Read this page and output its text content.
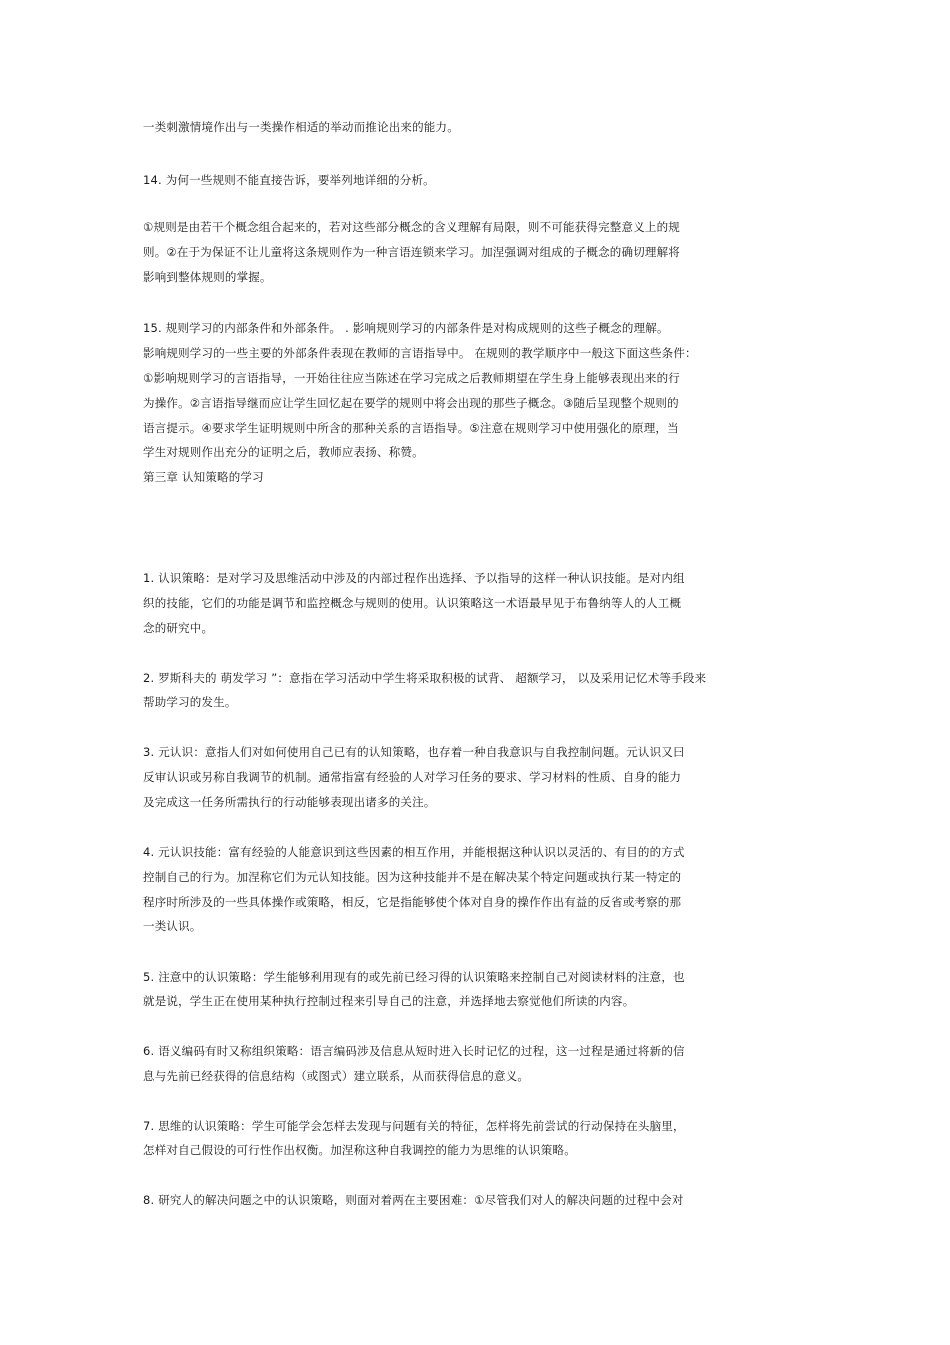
一类刺激情境作出与一类操作相适的举动而推论出来的能力。
14. 为何一些规则不能直接告诉，要举列地详细的分析。
①规则是由若干个概念组合起来的，若对这些部分概念的含义理解有局限，则不可能获得完整意义上的规
则。②在于为保证不让儿童将这条规则作为一种言语连锁来学习。加涅强调对组成的子概念的确切理解将
影响到整体规则的掌握。
15. 规则学习的内部条件和外部条件。 . 影响规则学习的内部条件是对构成规则的这些子概念的理解。
影响规则学习的一些主要的外部条件表现在教师的言语指导中。 在规则的教学顺序中一般这下面这些条件：
①影响规则学习的言语指导，一开始往往应当陈述在学习完成之后教师期望在学生身上能够表现出来的行
为操作。②言语指导继而应让学生回忆起在要学的规则中将会出现的那些子概念。③随后呈现整个规则的
语言提示。④要求学生证明规则中所含的那种关系的言语指导。⑤注意在规则学习中使用强化的原理，当
学生对规则作出充分的证明之后，教师应表扬、称赞。
第三章 认知策略的学习
1. 认识策略：是对学习及思维活动中涉及的内部过程作出选择、予以指导的这样一种认识技能。是对内组
织的技能，它们的功能是调节和监控概念与规则的使用。认识策略这一术语最早见于布鲁纳等人的人工概
念的研究中。
2. 罗斯科夫的 萌发学习 ”：意指在学习活动中学生将采取积极的试背、 超额学习， 以及采用记忆术等手段来
帮助学习的发生。
3. 元认识：意指人们对如何使用自己已有的认知策略，也存着一种自我意识与自我控制问题。元认识又曰
反审认识或另称自我调节的机制。通常指富有经验的人对学习任务的要求、学习材料的性质、自身的能力
及完成这一任务所需执行的行动能够表现出诸多的关注。
4. 元认识技能：富有经验的人能意识到这些因素的相互作用，并能根据这种认识以灵活的、有目的的方式
控制自己的行为。加涅称它们为元认知技能。因为这种技能并不是在解决某个特定问题或执行某一特定的
程序时所涉及的一些具体操作或策略，相反，它是指能够使个体对自身的操作作出有益的反省或考察的那
一类认识。
5. 注意中的认识策略：学生能够利用现有的或先前已经习得的认识策略来控制自己对阅读材料的注意，也
就是说，学生正在使用某种执行控制过程来引导自己的注意，并选择地去察觉他们所读的内容。
6. 语义编码有时又称组织策略：语言编码涉及信息从短时进入长时记忆的过程，这一过程是通过将新的信
息与先前已经获得的信息结构（或图式）建立联系，从而获得信息的意义。
7. 思维的认识策略：学生可能学会怎样去发现与问题有关的特征，怎样将先前尝试的行动保持在头脑里，
怎样对自己假设的可行性作出权衡。加涅称这种自我调控的能力为思维的认识策略。
8. 研究人的解决问题之中的认识策略，则面对着两在主要困难：①尽管我们对人的解决问题的过程中会对
